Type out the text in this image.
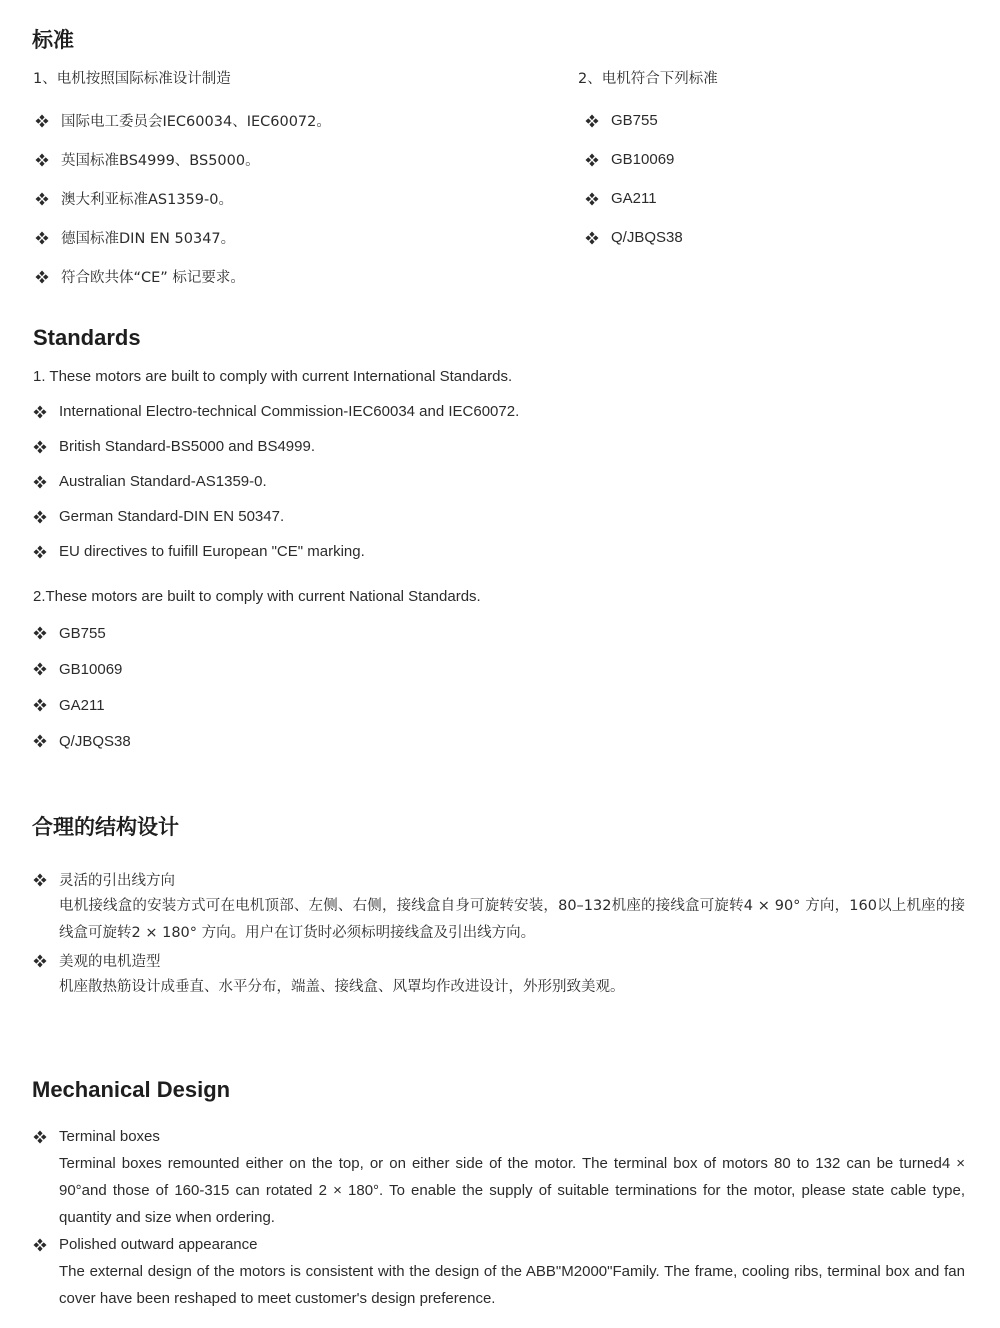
标准
1、电机按照国际标准设计制造	2、电机符合下列标准
国际电工委员会IEC60034、IEC60072。
英国标准BS4999、BS5000。
澳大利亚标准AS1359-0。
德国标准DIN EN 50347。
符合欧共体“CE” 标记要求。
GB755
GB10069
GA211
Q/JBQS38
Standards
1. These motors are built to comply with current International Standards.
International Electro-technical Commission-IEC60034 and IEC60072.
British Standard-BS5000 and BS4999.
Australian Standard-AS1359-0.
German Standard-DIN EN 50347.
EU directives to fuifill European "CE" marking.
2.These motors are built to comply with current National Standards.
GB755
GB10069
GA211
Q/JBQS38
合理的结构设计
灵活的引出线方向
电机接线盒的安装方式可在电机顶部、左侧、右侧，接线盒自身可旋转安装，80–132机座的接线盒可旋转4 × 90° 方向，160以上机座的接线盒可旋转2 × 180° 方向。用户在订货时必须标明接线盒及引出线方向。
美观的电机造型
机座散热筋设计成垂直、水平分布，端盖、接线盒、风罩均作改进设计，外形别致美观。
Mechanical Design
Terminal boxes
Terminal boxes remounted either on the top, or on either side of the motor. The terminal box of motors 80 to 132 can be turned4 × 90°and those of 160-315 can rotated 2 × 180°. To enable the supply of suitable terminations for the motor, please state cable type, quantity and size when ordering.
Polished outward appearance
The external design of the motors is consistent with the design of the ABB"M2000"Family. The frame, cooling ribs, terminal box and fan cover have been reshaped to meet customer's design preference.
